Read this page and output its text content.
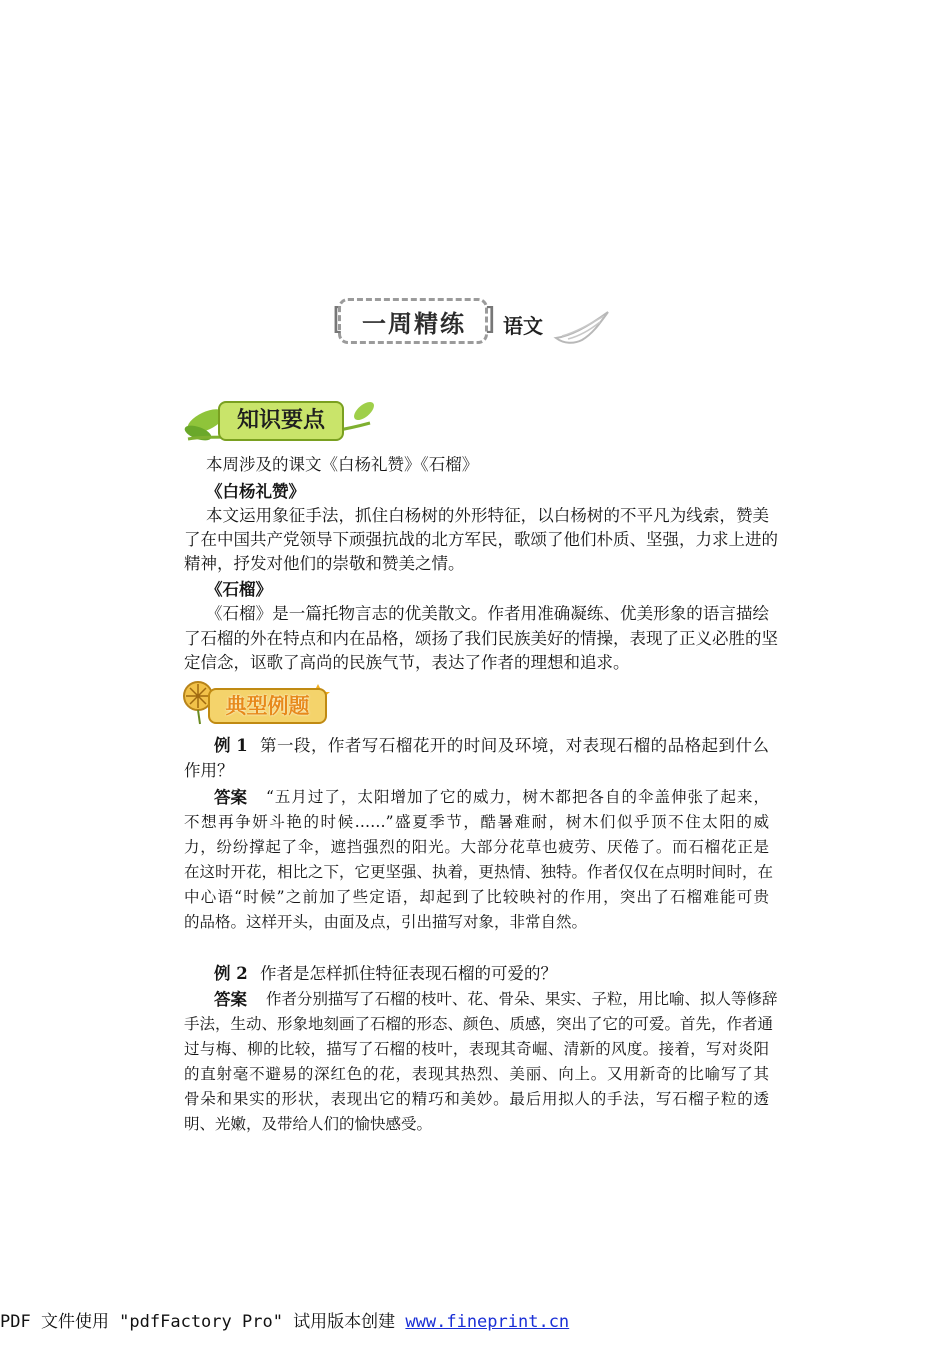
[ 一周精练 ] 语文
知识要点
本周涉及的课文《白杨礼赞》《石榴》
《白杨礼赞》
本文运用象征手法，抓住白杨树的外形特征，以白杨树的不平凡为线索，赞美
了在中国共产党领导下顽强抗战的北方军民，歌颂了他们朴质、坚强，力求上进的
精神，抒发对他们的崇敬和赞美之情。
《石榴》
《石榴》是一篇托物言志的优美散文。作者用准确凝练、优美形象的语言描绘
了石榴的外在特点和内在品格，颂扬了我们民族美好的情操，表现了正义必胜的坚
定信念，讴歌了高尚的民族气节，表达了作者的理想和追求。
典型例题
例 1 第一段，作者写石榴花开的时间及环境，对表现石榴的品格起到什么
作用？
答案 “五月过了，太阳增加了它的威力，树木都把各自的伞盖伸张了起来，
不想再争妍斗艳的时候……”盛夏季节，酷暑难耐，树木们似乎顶不住太阳的威
力，纷纷撑起了伞，遮挡强烈的阳光。大部分花草也疲劳、厌倦了。而石榴花正是
在这时开花，相比之下，它更坚强、执着，更热情、独特。作者仅仅在点明时间时，在
中心语“时候”之前加了些定语，却起到了比较映衬的作用，突出了石榴难能可贵
的品格。这样开头，由面及点，引出描写对象，非常自然。
例 2 作者是怎样抓住特征表现石榴的可爱的？
答案 作者分别描写了石榴的枝叶、花、骨朵、果实、子粒，用比喻、拟人等修辞
手法，生动、形象地刻画了石榴的形态、颜色、质感，突出了它的可爱。首先，作者通
过与梅、柳的比较，描写了石榴的枝叶，表现其奇崛、清新的风度。接着，写对炎阳
的直射毫不避易的深红色的花，表现其热烈、美丽、向上。又用新奇的比喻写了其
骨朵和果实的形状，表现出它的精巧和美妙。最后用拟人的手法，写石榴子粒的透
明、光嫩，及带给人们的愉快感受。
PDF 文件使用 "pdfFactory Pro" 试用版本创建 www.fineprint.cn
